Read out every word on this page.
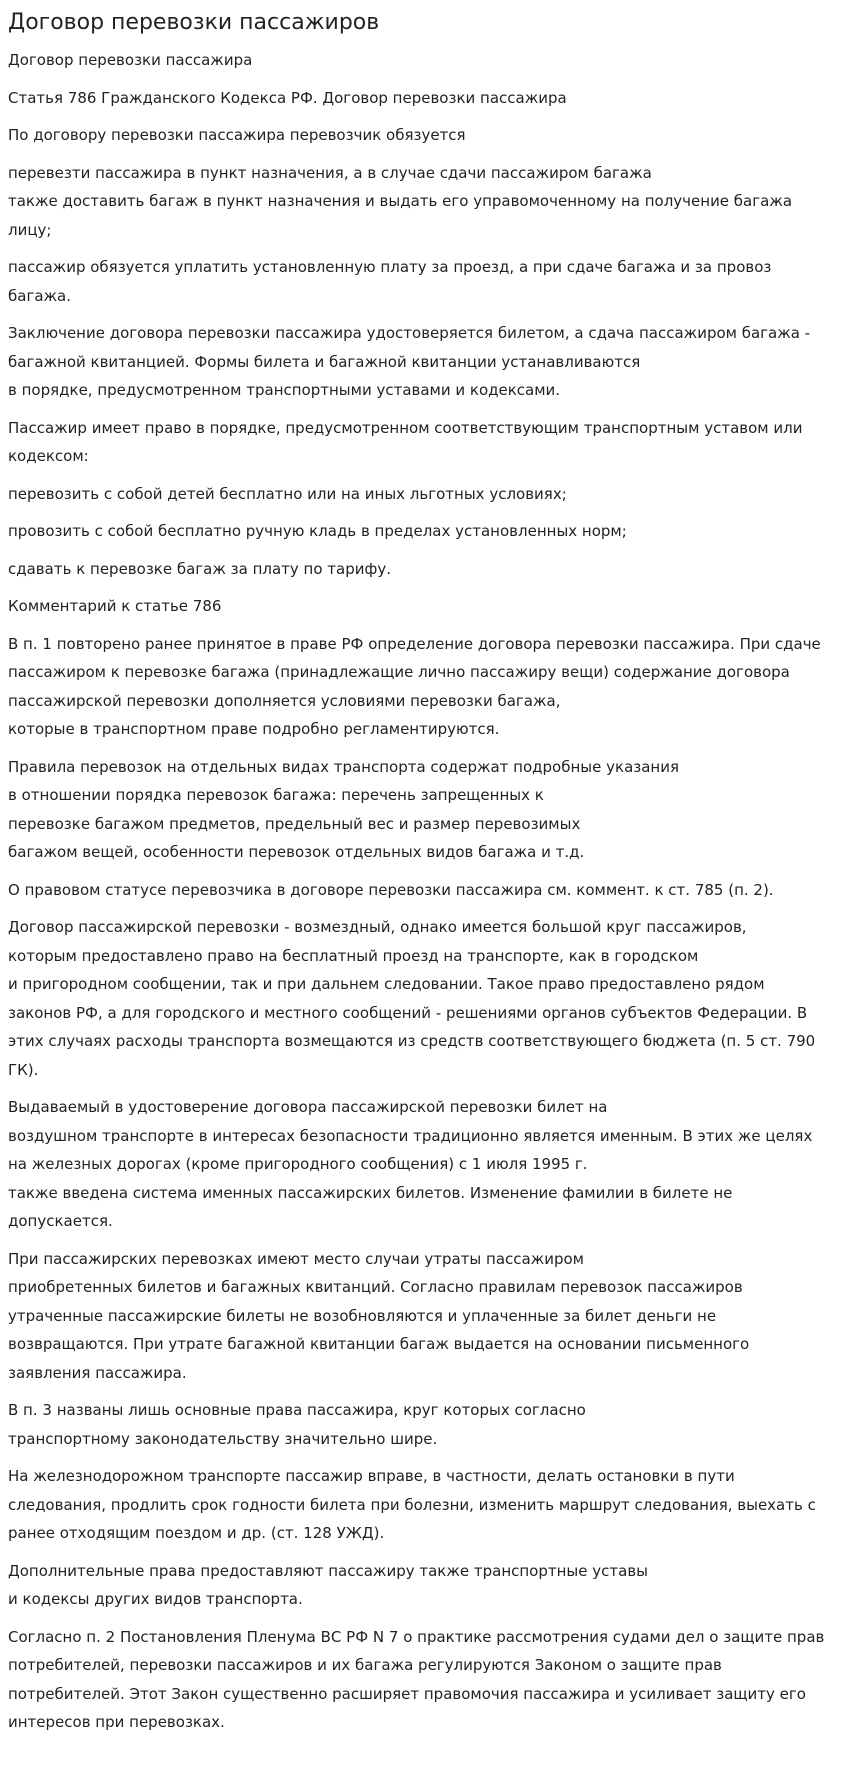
Договор перевозки пассажиров

Договор перевозки пассажира

Статья 786 Гражданского Кодекса РФ. Договор перевозки пассажира

По договору перевозки пассажира перевозчик обязуется

перевезти пассажира в пункт назначения, а в случае сдачи пассажиром багажа
также доставить багаж в пункт назначения и выдать его управомоченному на получение багажа лицу;

пассажир обязуется уплатить установленную плату за проезд, а при сдаче багажа и за провоз багажа.

Заключение договора перевозки пассажира удостоверяется билетом, а сдача пассажиром багажа - багажной квитанцией. Формы билета и багажной квитанции устанавливаются
в порядке, предусмотренном транспортными уставами и кодексами.

Пассажир имеет право в порядке, предусмотренном соответствующим транспортным уставом или кодексом:

перевозить с собой детей бесплатно или на иных льготных условиях;

провозить с собой бесплатно ручную кладь в пределах установленных норм;

сдавать к перевозке багаж за плату по тарифу.

Комментарий к статье 786

В п. 1 повторено ранее принятое в праве РФ определение договора перевозки пассажира. При сдаче пассажиром к перевозке багажа (принадлежащие лично пассажиру вещи) содержание договора пассажирской перевозки дополняется условиями перевозки багажа,
которые в транспортном праве подробно регламентируются.

Правила перевозок на отдельных видах транспорта содержат подробные указания
в отношении порядка перевозок багажа: перечень запрещенных к
перевозке багажом предметов, предельный вес и размер перевозимых
багажом вещей, особенности перевозок отдельных видов багажа и т.д.

О правовом статусе перевозчика в договоре перевозки пассажира см. коммент. к ст. 785 (п. 2).

Договор пассажирской перевозки - возмездный, однако имеется большой круг пассажиров,
которым предоставлено право на бесплатный проезд на транспорте, как в городском
и пригородном сообщении, так и при дальнем следовании. Такое право предоставлено рядом законов РФ, а для городского и местного сообщений - решениями органов субъектов Федерации. В этих случаях расходы транспорта возмещаются из средств соответствующего бюджета (п. 5 ст. 790 ГК).

Выдаваемый в удостоверение договора пассажирской перевозки билет на
воздушном транспорте в интересах безопасности традиционно является именным. В этих же целях на железных дорогах (кроме пригородного сообщения) с 1 июля 1995 г.
также введена система именных пассажирских билетов. Изменение фамилии в билете не допускается.

При пассажирских перевозках имеют место случаи утраты пассажиром
приобретенных билетов и багажных квитанций. Согласно правилам перевозок пассажиров утраченные пассажирские билеты не возобновляются и уплаченные за билет деньги не возвращаются. При утрате багажной квитанции багаж выдается на основании письменного заявления пассажира.

В п. 3 названы лишь основные права пассажира, круг которых согласно
транспортному законодательству значительно шире.

На железнодорожном транспорте пассажир вправе, в частности, делать остановки в пути следования, продлить срок годности билета при болезни, изменить маршрут следования, выехать с ранее отходящим поездом и др. (ст. 128 УЖД).

Дополнительные права предоставляют пассажиру также транспортные уставы
и кодексы других видов транспорта.

Согласно п. 2 Постановления Пленума ВС РФ N 7 о практике рассмотрения судами дел о защите прав потребителей, перевозки пассажиров и их багажа регулируются Законом о защите прав потребителей. Этот Закон существенно расширяет правомочия пассажира и усиливает защиту его интересов при перевозках.
